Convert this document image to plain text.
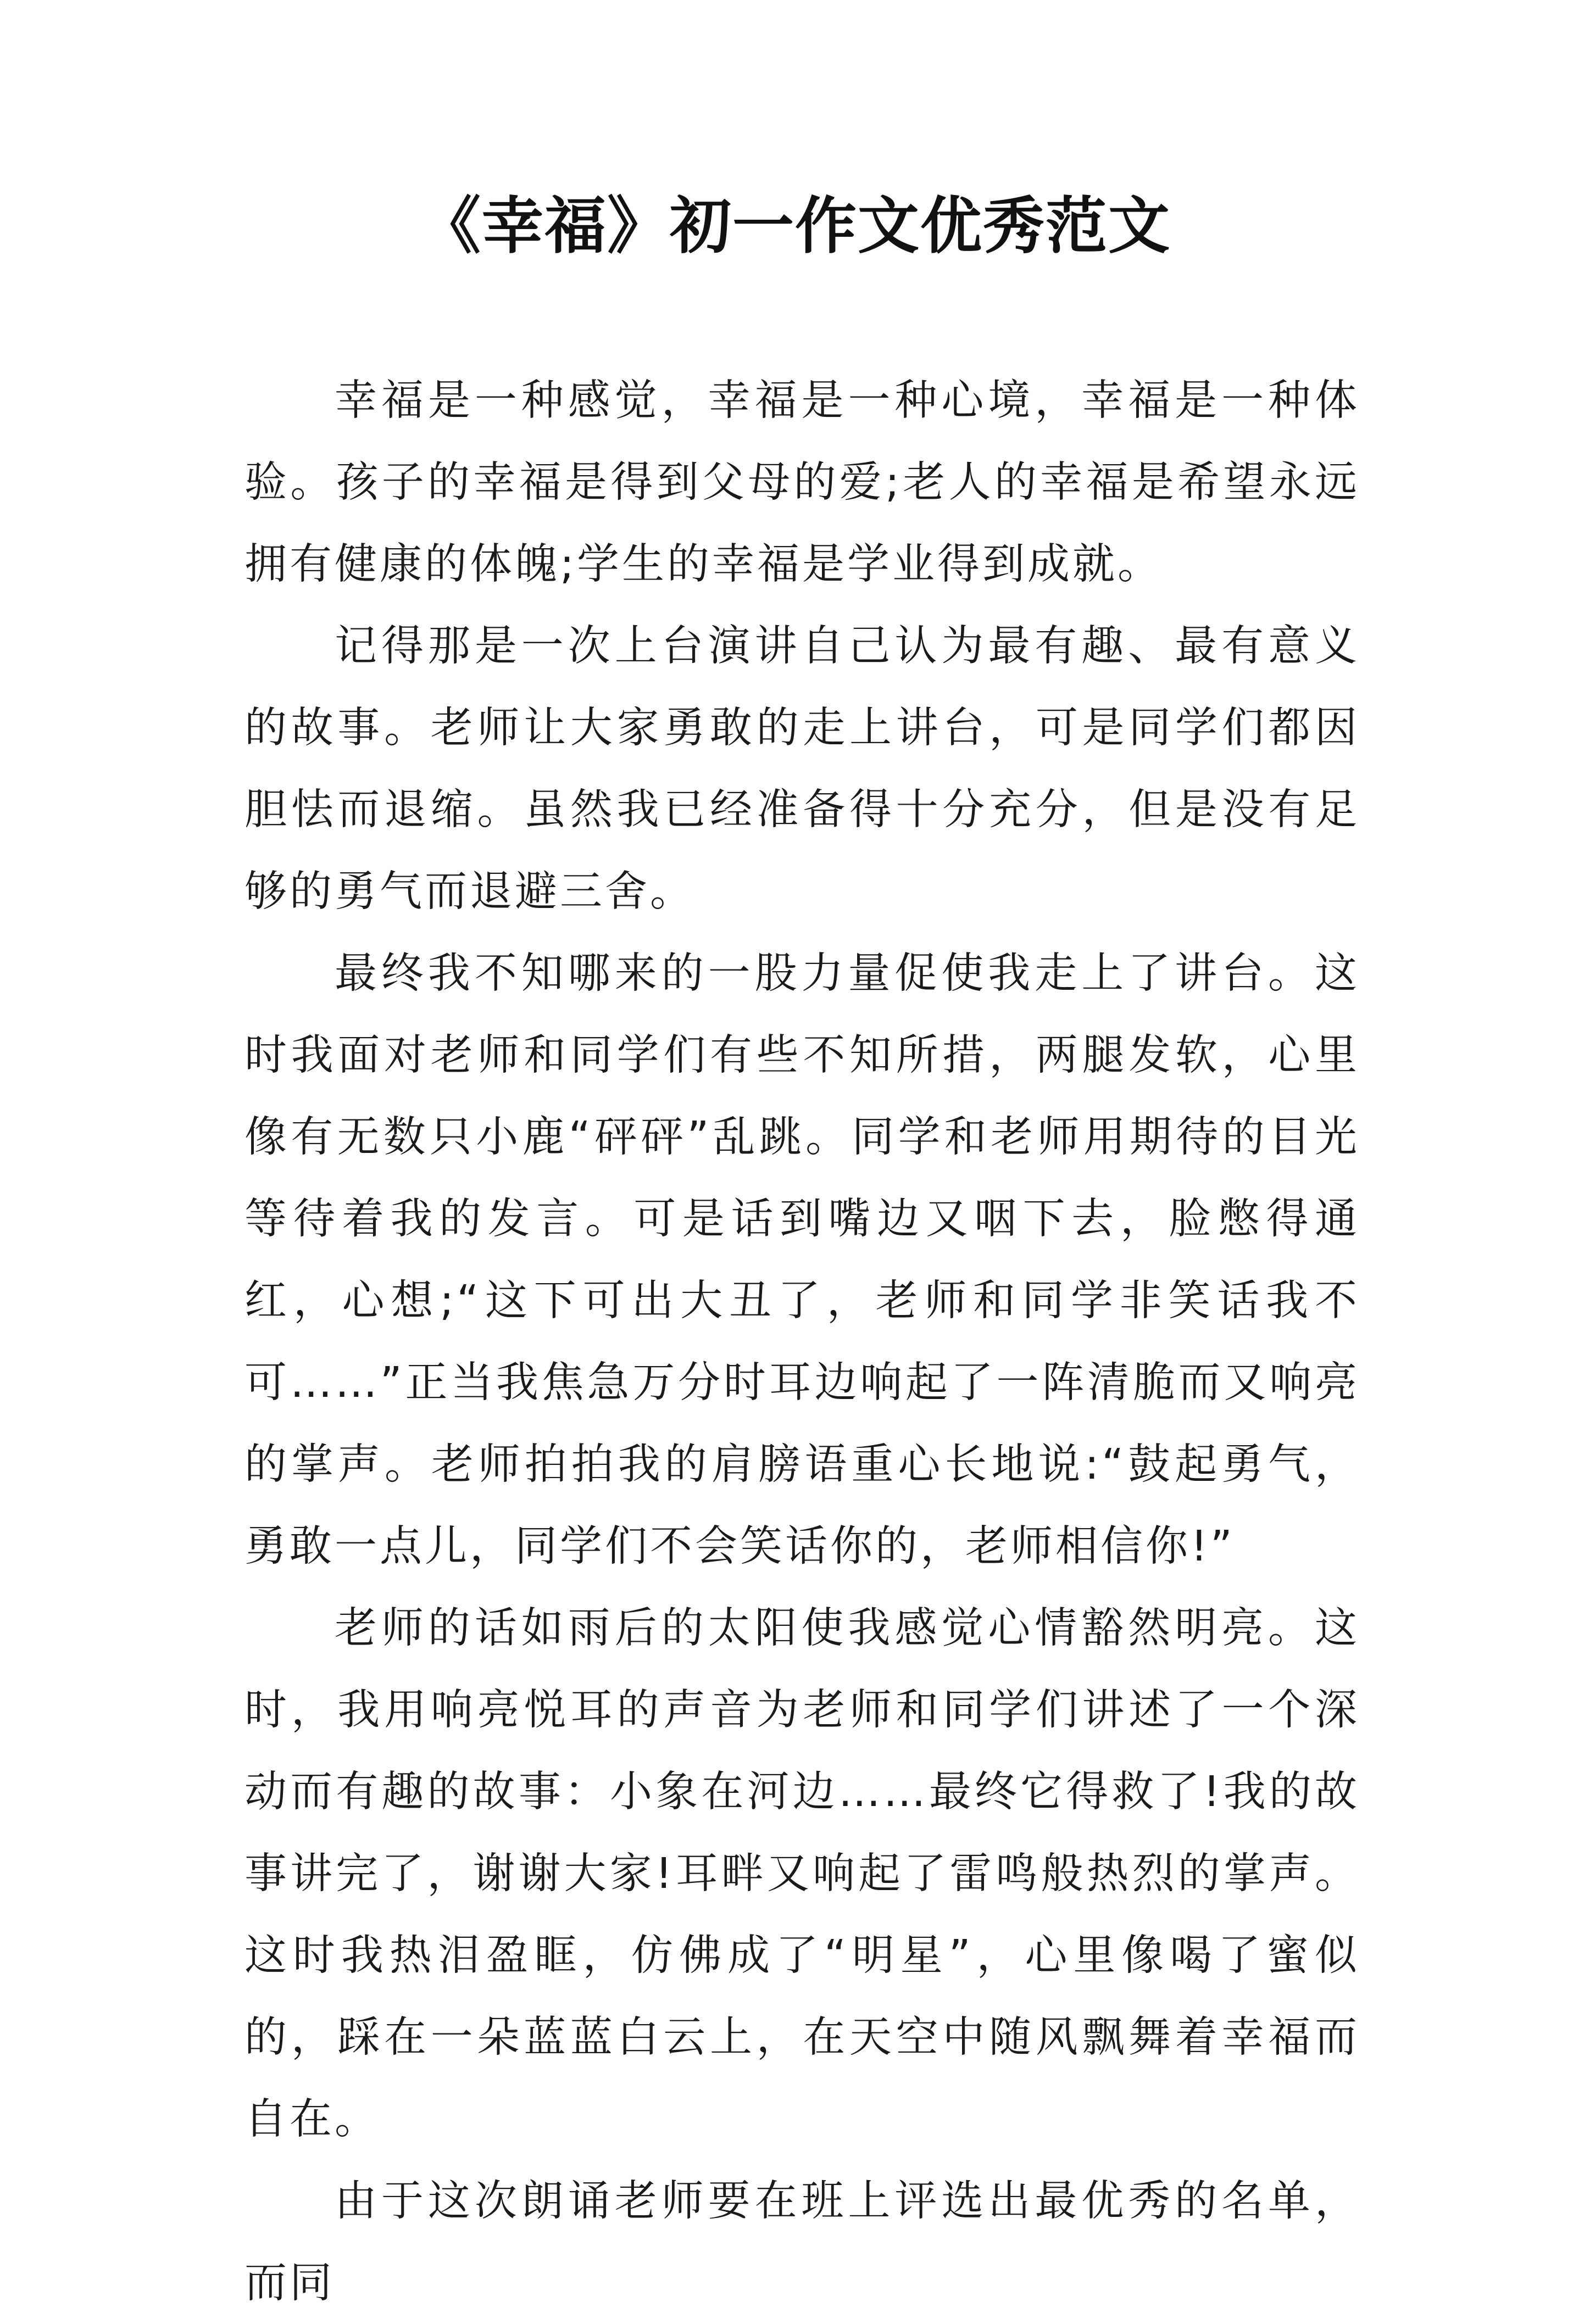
《幸福》初一作文优秀范文

幸福是一种感觉，幸福是一种心境，幸福是一种体验。孩子的幸福是得到父母的爱;老人的幸福是希望永远拥有健康的体魄;学生的幸福是学业得到成就。

记得那是一次上台演讲自己认为最有趣、最有意义的故事。老师让大家勇敢的走上讲台，可是同学们都因胆怯而退缩。虽然我已经准备得十分充分，但是没有足够的勇气而退避三舍。

最终我不知哪来的一股力量促使我走上了讲台。这时我面对老师和同学们有些不知所措，两腿发软，心里像有无数只小鹿“砰砰”乱跳。同学和老师用期待的目光等待着我的发言。可是话到嘴边又咽下去，脸憋得通红，心想;“这下可出大丑了，老师和同学非笑话我不可……”正当我焦急万分时耳边响起了一阵清脆而又响亮的掌声。老师拍拍我的肩膀语重心长地说:“鼓起勇气，勇敢一点儿，同学们不会笑话你的，老师相信你!”

老师的话如雨后的太阳使我感觉心情豁然明亮。这时，我用响亮悦耳的声音为老师和同学们讲述了一个深动而有趣的故事：小象在河边……最终它得救了!我的故事讲完了，谢谢大家!耳畔又响起了雷鸣般热烈的掌声。这时我热泪盈眶，仿佛成了“明星”，心里像喝了蜜似的，踩在一朵蓝蓝白云上，在天空中随风飘舞着幸福而自在。

由于这次朗诵老师要在班上评选出最优秀的名单，而同
